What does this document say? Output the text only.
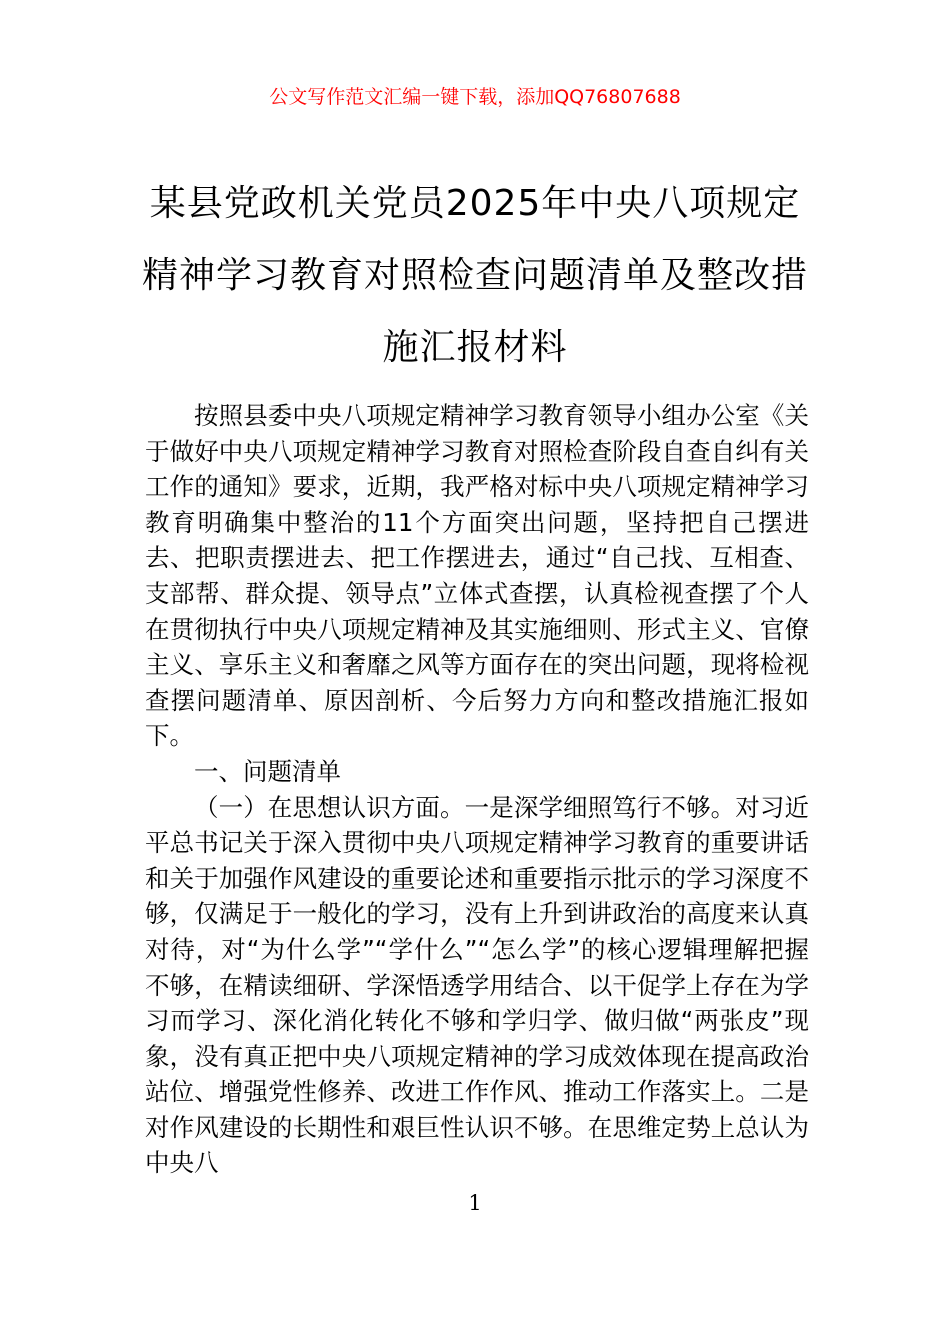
公文写作范文汇编一键下载，添加QQ76807688
某县党政机关党员2025年中央八项规定精神学习教育对照检查问题清单及整改措施汇报材料

按照县委中央八项规定精神学习教育领导小组办公室《关于做好中央八项规定精神学习教育对照检查阶段自查自纠有关工作的通知》要求，近期，我严格对标中央八项规定精神学习教育明确集中整治的11个方面突出问题，坚持把自己摆进去、把职责摆进去、把工作摆进去，通过“自己找、互相查、支部帮、群众提、领导点”立体式查摆，认真检视查摆了个人在贯彻执行中央八项规定精神及其实施细则、形式主义、官僚主义、享乐主义和奢靡之风等方面存在的突出问题，现将检视查摆问题清单、原因剖析、今后努力方向和整改措施汇报如下。

一、问题清单

（一）在思想认识方面。一是深学细照笃行不够。对习近平总书记关于深入贯彻中央八项规定精神学习教育的重要讲话和关于加强作风建设的重要论述和重要指示批示的学习深度不够，仅满足于一般化的学习，没有上升到讲政治的高度来认真对待，对“为什么学”“学什么”“怎么学”的核心逻辑理解把握不够，在精读细研、学深悟透学用结合、以干促学上存在为学习而学习、深化消化转化不够和学归学、做归做“两张皮”现象，没有真正把中央八项规定精神的学习成效体现在提高政治站位、增强党性修养、改进工作作风、推动工作落实上。二是对作风建设的长期性和艰巨性认识不够。在思维定势上总认为中央八

1
